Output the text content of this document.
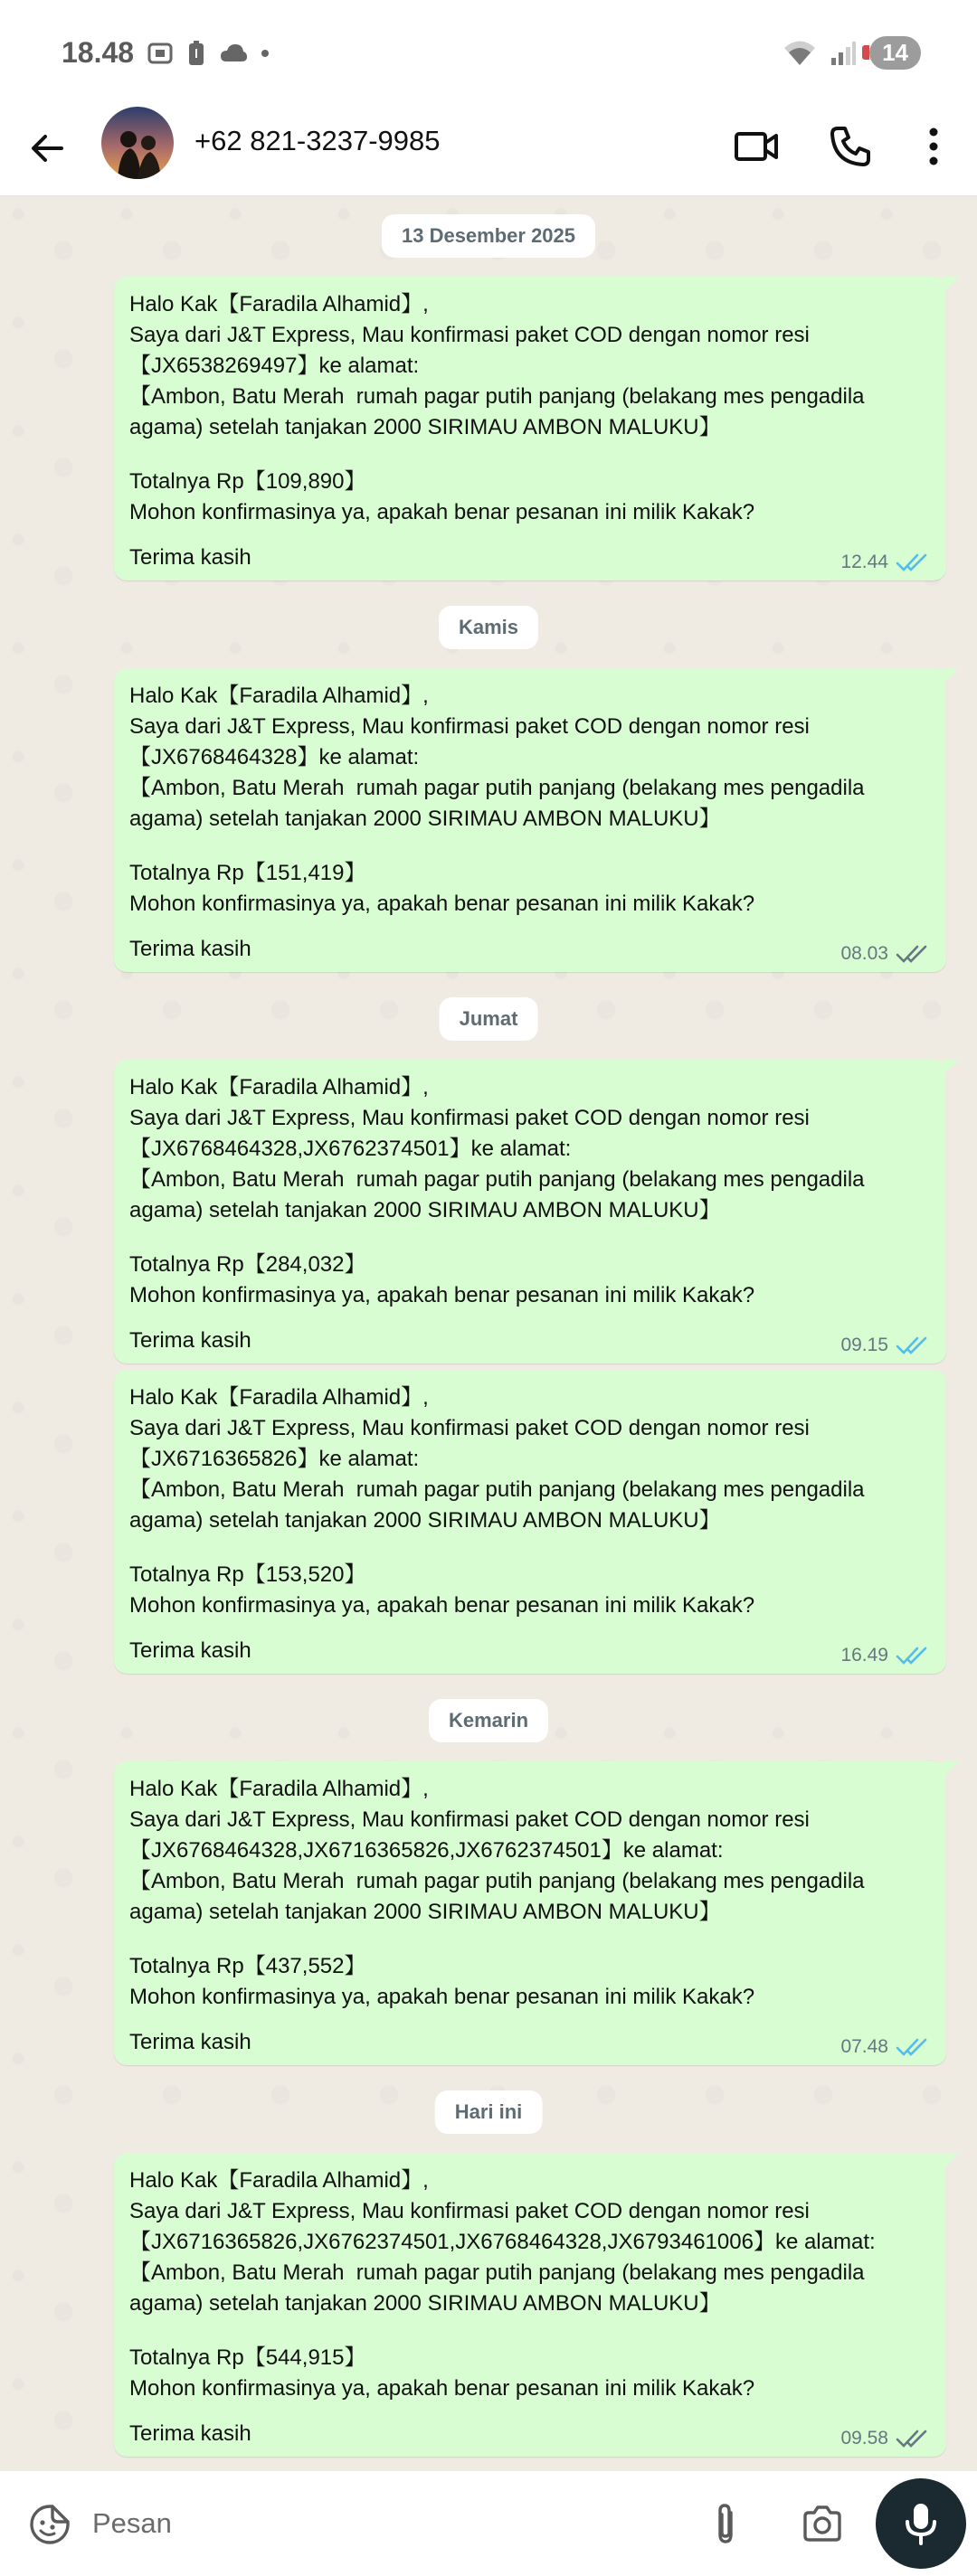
18.48	14
+62 821-3237-9985
13 Desember 2025
Halo Kak【Faradila Alhamid】,
Saya dari J&T Express, Mau konfirmasi paket COD dengan nomor resi
【JX6538269497】ke alamat:
【Ambon, Batu Merah  rumah pagar putih panjang (belakang mes pengadila
agama) setelah tanjakan 2000 SIRIMAU AMBON MALUKU】
Totalnya Rp【109,890】
Mohon konfirmasinya ya, apakah benar pesanan ini milik Kakak?
Terima kasih	12.44
Kamis
Halo Kak【Faradila Alhamid】,
Saya dari J&T Express, Mau konfirmasi paket COD dengan nomor resi
【JX6768464328】ke alamat:
【Ambon, Batu Merah  rumah pagar putih panjang (belakang mes pengadila
agama) setelah tanjakan 2000 SIRIMAU AMBON MALUKU】
Totalnya Rp【151,419】
Mohon konfirmasinya ya, apakah benar pesanan ini milik Kakak?
Terima kasih	08.03
Jumat
Halo Kak【Faradila Alhamid】,
Saya dari J&T Express, Mau konfirmasi paket COD dengan nomor resi
【JX6768464328,JX6762374501】ke alamat:
【Ambon, Batu Merah  rumah pagar putih panjang (belakang mes pengadila
agama) setelah tanjakan 2000 SIRIMAU AMBON MALUKU】
Totalnya Rp【284,032】
Mohon konfirmasinya ya, apakah benar pesanan ini milik Kakak?
Terima kasih	09.15
Halo Kak【Faradila Alhamid】,
Saya dari J&T Express, Mau konfirmasi paket COD dengan nomor resi
【JX6716365826】ke alamat:
【Ambon, Batu Merah  rumah pagar putih panjang (belakang mes pengadila
agama) setelah tanjakan 2000 SIRIMAU AMBON MALUKU】
Totalnya Rp【153,520】
Mohon konfirmasinya ya, apakah benar pesanan ini milik Kakak?
Terima kasih	16.49
Kemarin
Halo Kak【Faradila Alhamid】,
Saya dari J&T Express, Mau konfirmasi paket COD dengan nomor resi
【JX6768464328,JX6716365826,JX6762374501】ke alamat:
【Ambon, Batu Merah  rumah pagar putih panjang (belakang mes pengadila
agama) setelah tanjakan 2000 SIRIMAU AMBON MALUKU】
Totalnya Rp【437,552】
Mohon konfirmasinya ya, apakah benar pesanan ini milik Kakak?
Terima kasih	07.48
Hari ini
Halo Kak【Faradila Alhamid】,
Saya dari J&T Express, Mau konfirmasi paket COD dengan nomor resi
【JX6716365826,JX6762374501,JX6768464328,JX6793461006】ke alamat:
【Ambon, Batu Merah  rumah pagar putih panjang (belakang mes pengadila
agama) setelah tanjakan 2000 SIRIMAU AMBON MALUKU】
Totalnya Rp【544,915】
Mohon konfirmasinya ya, apakah benar pesanan ini milik Kakak?
Terima kasih	09.58
Pesan
